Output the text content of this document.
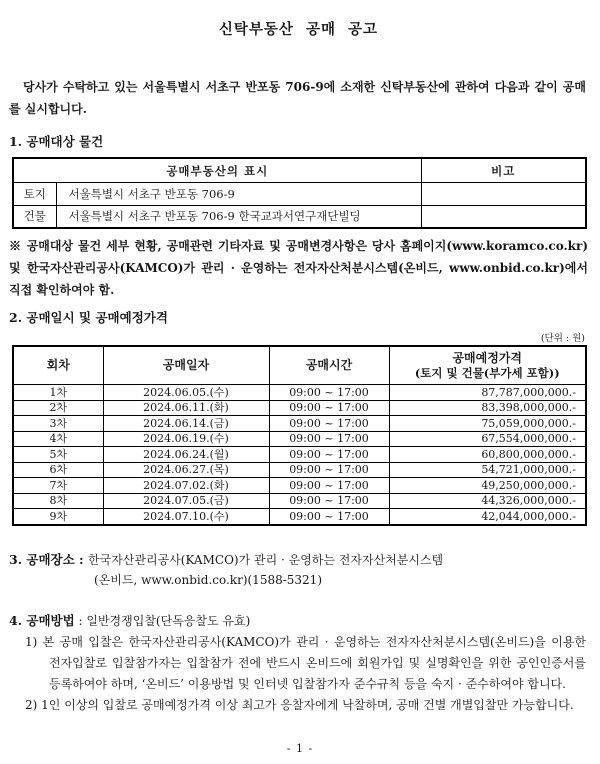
신탁부동산 공매 공고

당사가 수탁하고 있는 서울특별시 서초구 반포동 706-9에 소재한 신탁부동산에 관하여 다음과 같이 공매를 실시합니다.

1. 공매대상 물건
공매부동산의 표시		비고
토지	서울특별시 서초구 반포동 706-9	
건물	서울특별시 서초구 반포동 706-9 한국교과서연구재단빌딩	

※ 공매대상 물건 세부 현황, 공매관련 기타자료 및 공매변경사항은 당사 홈페이지(www.koramco.co.kr) 및 한국자산관리공사(KAMCO)가 관리 · 운영하는 전자자산처분시스템(온비드, www.onbid.co.kr)에서 직접 확인하여야 함.

2. 공매일시 및 공매예정가격
(단위 : 원)
회차	공매일자	공매시간	공매예정가격
(토지 및 건물(부가세 포함))

1차	2024.06.05.(수)	09:00 ~ 17:00	87,787,000,000.-
2차	2024.06.11.(화)	09:00 ~ 17:00	83,398,000,000.-
3차	2024.06.14.(금)	09:00 ~ 17:00	75,059,000,000.-
4차	2024.06.19.(수)	09:00 ~ 17:00	67,554,000,000.-
5차	2024.06.24.(월)	09:00 ~ 17:00	60,800,000,000.-
6차	2024.06.27.(목)	09:00 ~ 17:00	54,721,000,000.-
7차	2024.07.02.(화)	09:00 ~ 17:00	49,250,000,000.-
8차	2024.07.05.(금)	09:00 ~ 17:00	44,326,000,000.-
9차	2024.07.10.(수)	09:00 ~ 17:00	42,044,000,000.-
3. 공매장소 : 한국자산관리공사(KAMCO)가 관리 · 운영하는 전자자산처분시스템
(온비드, www.onbid.co.kr)(1588-5321)
4. 공매방법 : 일반경쟁입찰(단독응찰도 유효)
1) 본 공매 입찰은 한국자산관리공사(KAMCO)가 관리 · 운영하는 전자자산처분시스템(온비드)을 이용한 전자입찰로 입찰참가자는 입찰참가 전에 반드시 온비드에 회원가입 및 실명확인을 위한 공인인증서를 등록하여야 하며, ‘온비드’ 이용방법 및 인터넷 입찰참가자 준수규칙 등을 숙지 · 준수하여야 합니다.
2) 1인 이상의 입찰로 공매예정가격 이상 최고가 응찰자에게 낙찰하며, 공매 건별 개별입찰만 가능합니다.
- 1 -
